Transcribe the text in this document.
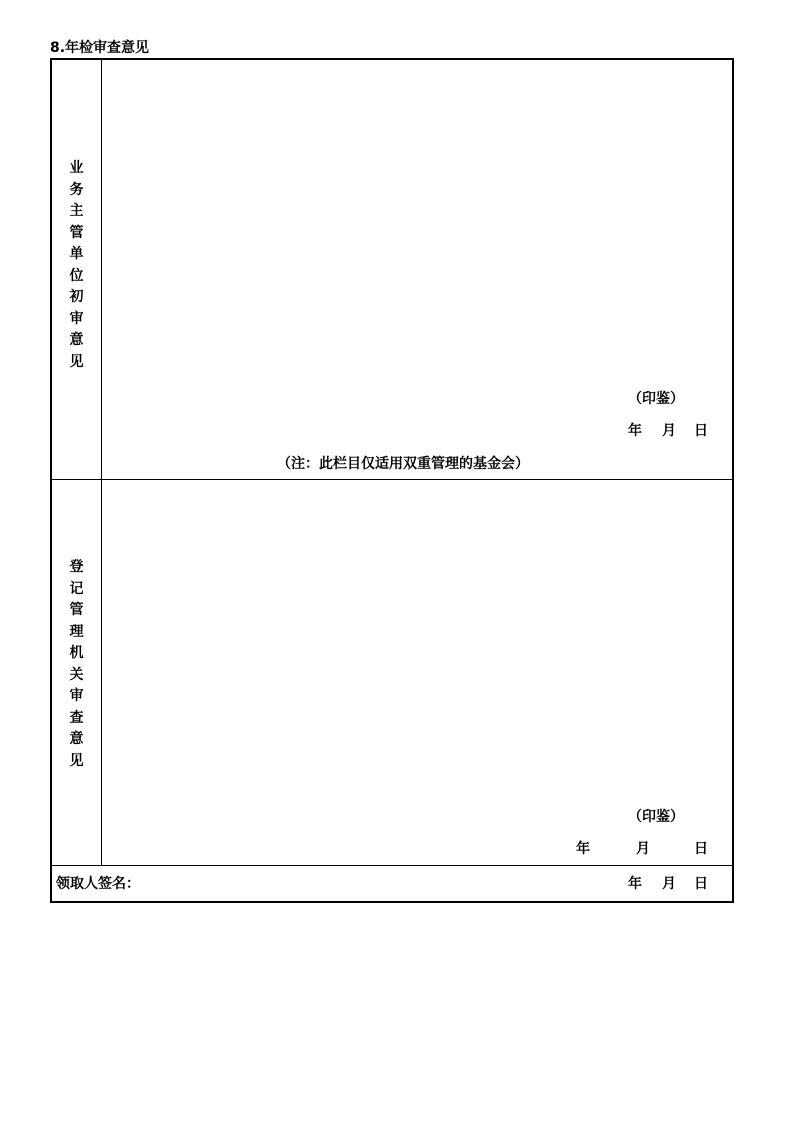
8.年检审查意见
业
务
主
管
单
位
初
审
意
见
（印鉴）
年 月 日
（注：此栏目仅适用双重管理的基金会）
登
记
管
理
机
关
审
查
意
见
（印鉴）
年	月	日
领取人签名：	年 月 日
